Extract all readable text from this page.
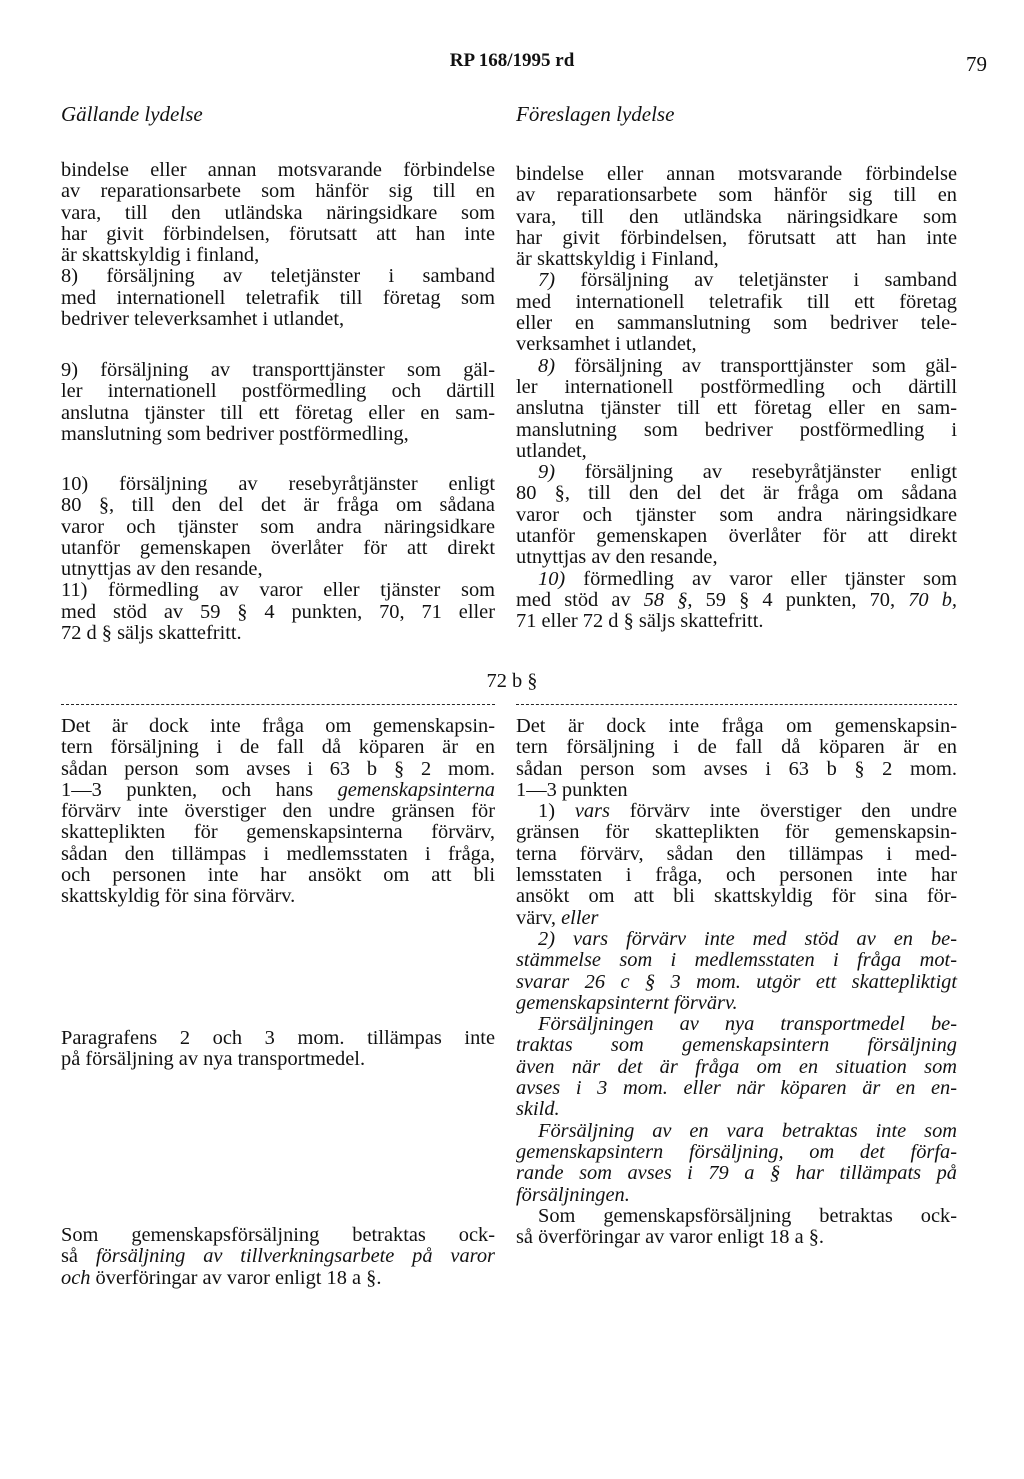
RP 168/1995 rd	79
Gällande lydelse	Föreslagen lydelse
bindelse eller annan motsvarande förbindelse
av reparationsarbete som hänför sig till en
vara, till den utländska näringsidkare som
har givit förbindelsen, förutsatt att han inte
är skattskyldig i finland,
8) försäljning av teletjänster i samband
med internationell teletrafik till företag som
bedriver televerksamhet i utlandet,
9) försäljning av transporttjänster som gäl-
ler internationell postförmedling och därtill
anslutna tjänster till ett företag eller en sam-
manslutning som bedriver postförmedling,
10) försäljning av resebyråtjänster enligt
80 §, till den del det är fråga om sådana
varor och tjänster som andra näringsidkare
utanför gemenskapen överlåter för att direkt
utnyttjas av den resande,
11) förmedling av varor eller tjänster som
med stöd av 59 § 4 punkten, 70, 71 eller
72 d § säljs skattefritt.
72 b §
Det är dock inte fråga om gemenskapsin-
tern försäljning i de fall då köparen är en
sådan person som avses i 63 b § 2 mom.
1—3 punkten, och hans gemenskapsinterna
förvärv inte överstiger den undre gränsen för
skatteplikten för gemenskapsinterna förvärv,
sådan den tillämpas i medlemsstaten i fråga,
och personen inte har ansökt om att bli
skattskyldig för sina förvärv.
Paragrafens 2 och 3 mom. tillämpas inte
på försäljning av nya transportmedel.
Som gemenskapsförsäljning betraktas ock-
så försäljning av tillverkningsarbete på varor
och överföringar av varor enligt 18 a §.
bindelse eller annan motsvarande förbindelse
av reparationsarbete som hänför sig till en
vara, till den utländska näringsidkare som
har givit förbindelsen, förutsatt att han inte
är skattskyldig i Finland,
7) försäljning av teletjänster i samband
med internationell teletrafik till ett företag
eller en sammanslutning som bedriver tele-
verksamhet i utlandet,
8) försäljning av transporttjänster som gäl-
ler internationell postförmedling och därtill
anslutna tjänster till ett företag eller en sam-
manslutning som bedriver postförmedling i
utlandet,
9) försäljning av resebyråtjänster enligt
80 §, till den del det är fråga om sådana
varor och tjänster som andra näringsidkare
utanför gemenskapen överlåter för att direkt
utnyttjas av den resande,
10) förmedling av varor eller tjänster som
med stöd av 58 §, 59 § 4 punkten, 70, 70 b,
71 eller 72 d § säljs skattefritt.
Det är dock inte fråga om gemenskapsin-
tern försäljning i de fall då köparen är en
sådan person som avses i 63 b § 2 mom.
1—3 punkten
1) vars förvärv inte överstiger den undre
gränsen för skatteplikten för gemenskapsin-
terna förvärv, sådan den tillämpas i med-
lemsstaten i fråga, och personen inte har
ansökt om att bli skattskyldig för sina för-
värv, eller
2) vars förvärv inte med stöd av en be-
stämmelse som i medlemsstaten i fråga mot-
svarar 26 c § 3 mom. utgör ett skattepliktigt
gemenskapsinternt förvärv.
Försäljningen av nya transportmedel be-
traktas som gemenskapsintern försäljning
även när det är fråga om en situation som
avses i 3 mom. eller när köparen är en en-
skild.
Försäljning av en vara betraktas inte som
gemenskapsintern försäljning, om det förfa-
rande som avses i 79 a § har tillämpats på
försäljningen.
Som gemenskapsförsäljning betraktas ock-
så överföringar av varor enligt 18 a §.
